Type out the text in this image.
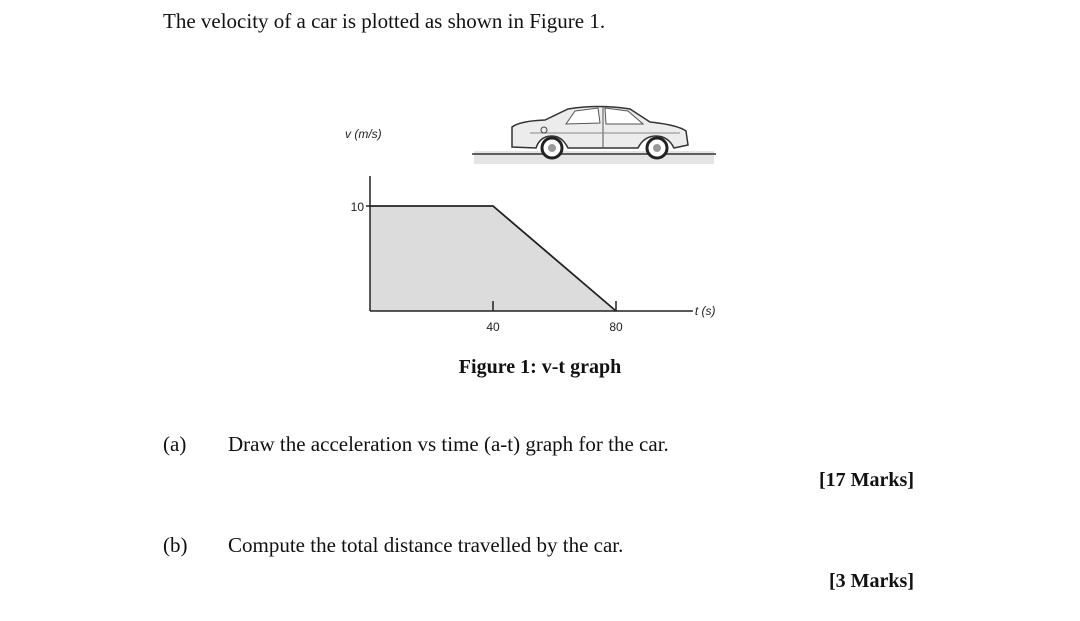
The velocity of a car is plotted as shown in Figure 1.
40	80
10
v (m/s)
t (s)
Figure 1: v-t graph
(a) Draw the acceleration vs time (a-t) graph for the car.
[17 Marks]
(b) Compute the total distance travelled by the car.
[3 Marks]
